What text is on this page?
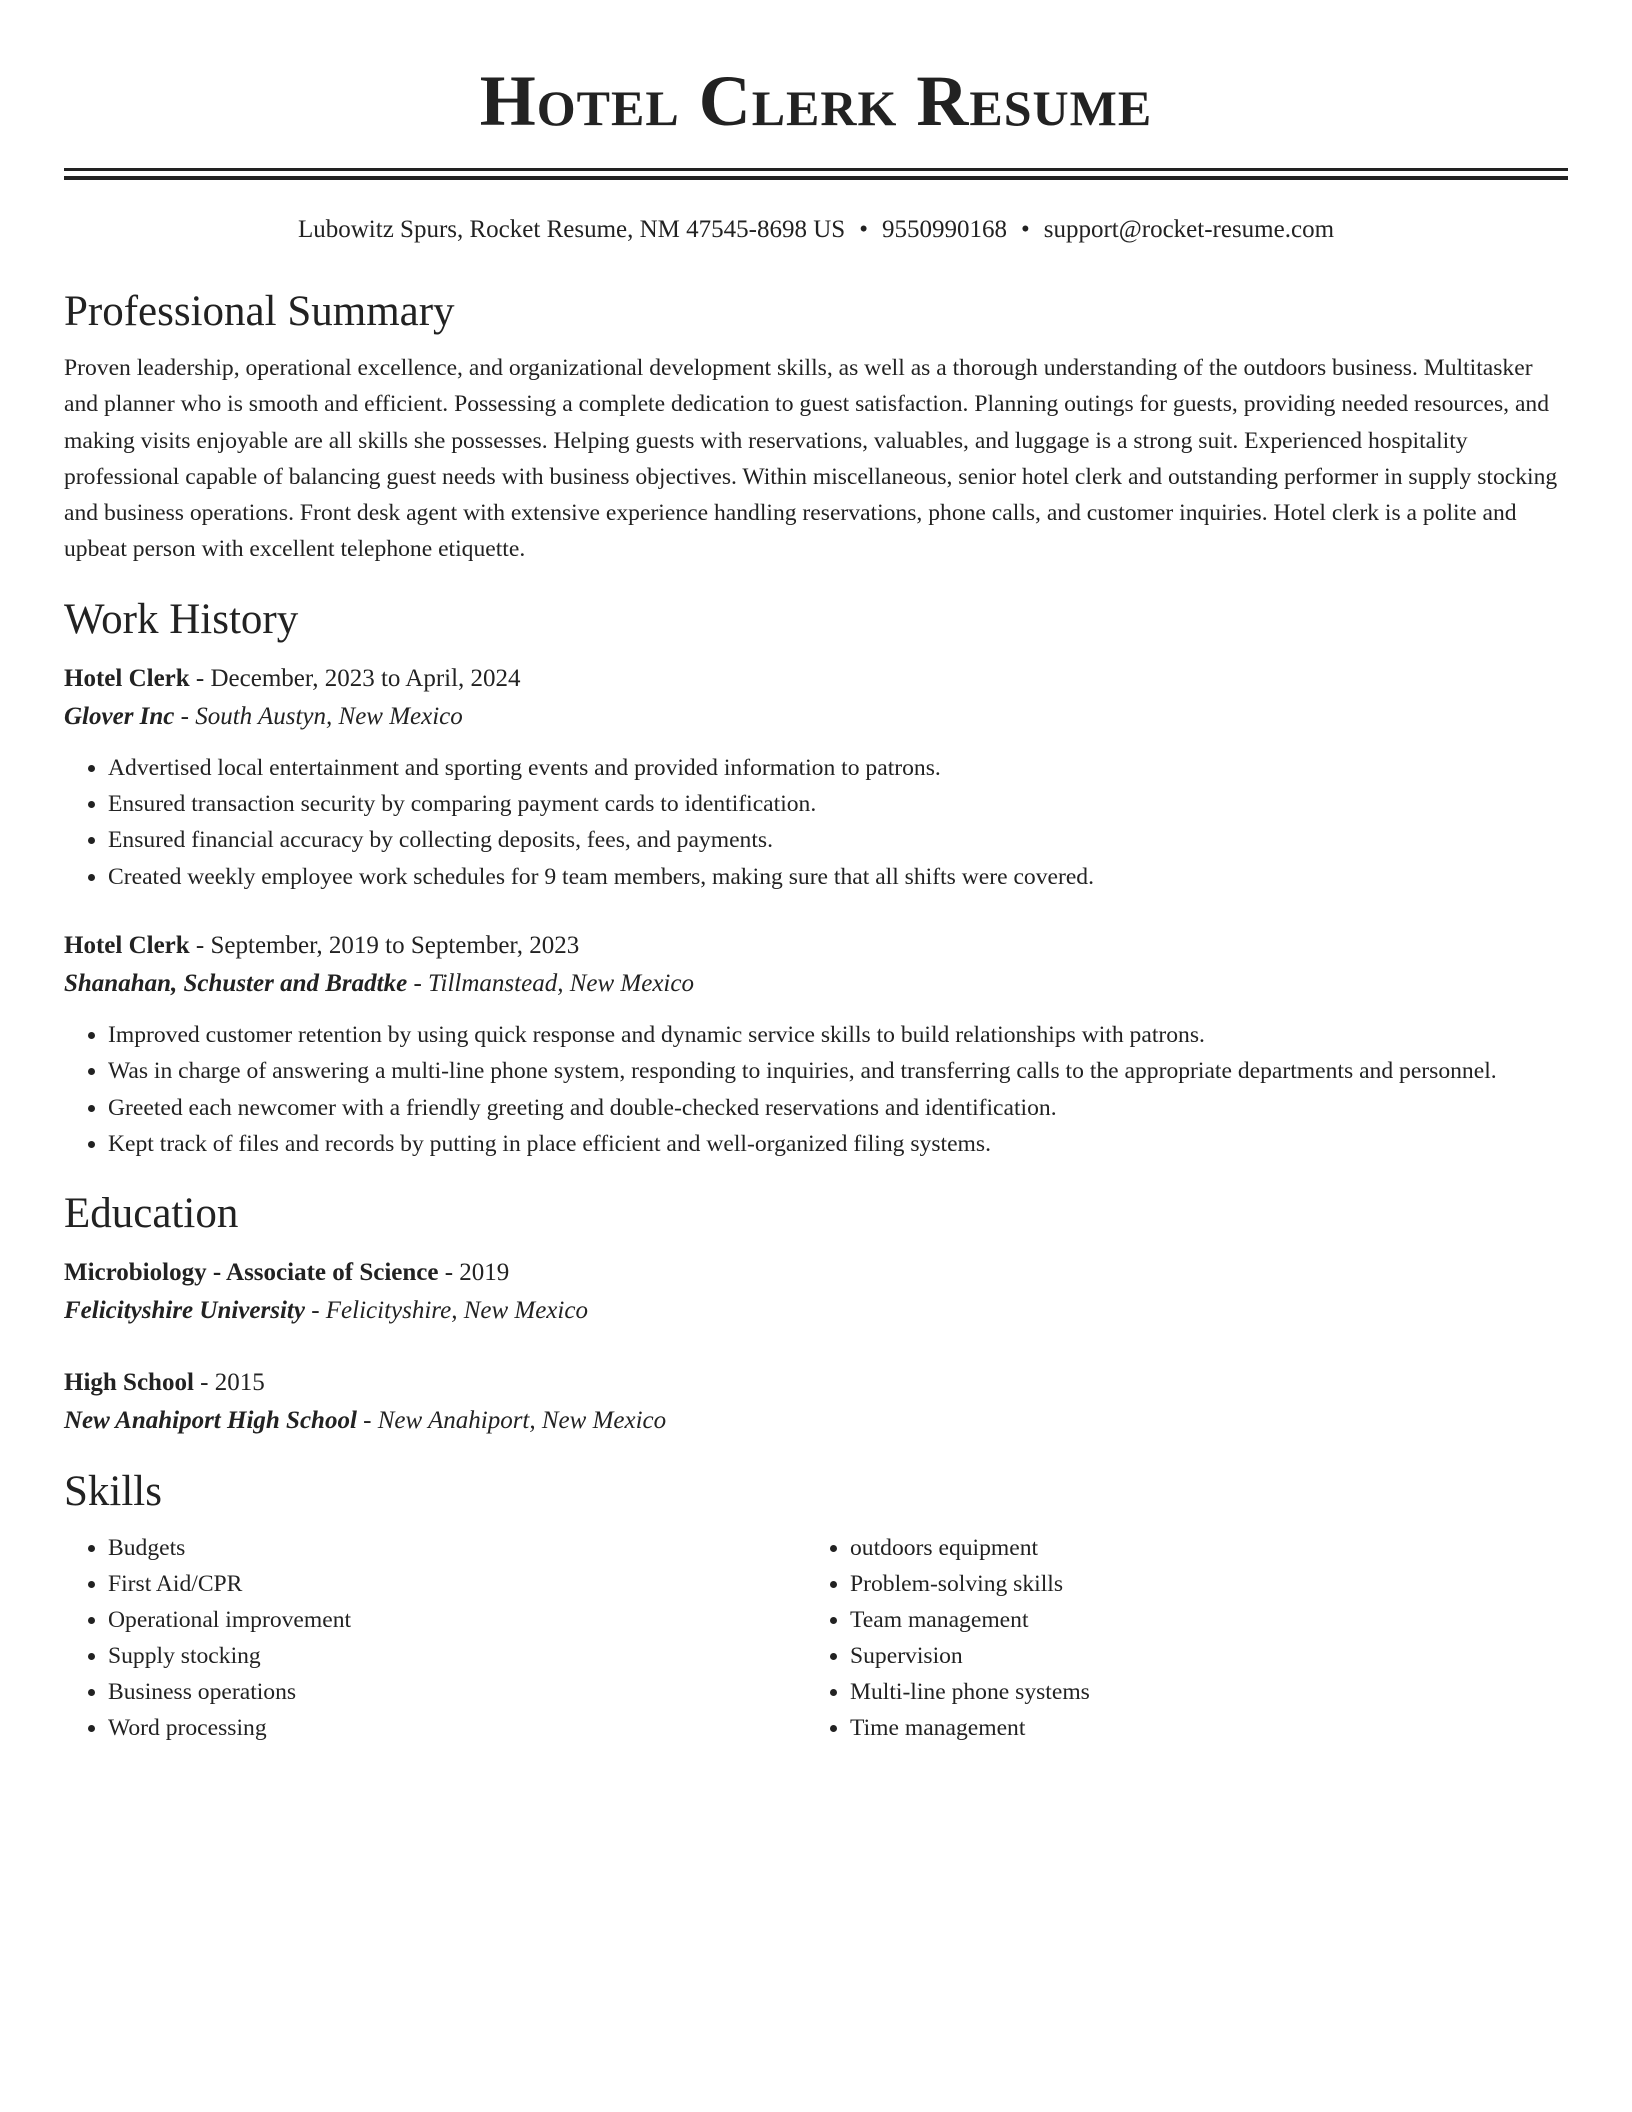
Hotel Clerk Resume
Lubowitz Spurs, Rocket Resume, NM 47545-8698 US • 9550990168 • support@rocket-resume.com
Professional Summary

Proven leadership, operational excellence, and organizational development skills, as well as a thorough understanding of the outdoors business. Multitasker and planner who is smooth and efficient. Possessing a complete dedication to guest satisfaction. Planning outings for guests, providing needed resources, and making visits enjoyable are all skills she possesses. Helping guests with reservations, valuables, and luggage is a strong suit. Experienced hospitality professional capable of balancing guest needs with business objectives. Within miscellaneous, senior hotel clerk and outstanding performer in supply stocking and business operations. Front desk agent with extensive experience handling reservations, phone calls, and customer inquiries. Hotel clerk is a polite and upbeat person with excellent telephone etiquette.

Work History
Hotel Clerk - December, 2023 to April, 2024
Glover Inc - South Austyn, New Mexico
• Advertised local entertainment and sporting events and provided information to patrons.
• Ensured transaction security by comparing payment cards to identification.
• Ensured financial accuracy by collecting deposits, fees, and payments.
• Created weekly employee work schedules for 9 team members, making sure that all shifts were covered.
Hotel Clerk - September, 2019 to September, 2023
Shanahan, Schuster and Bradtke - Tillmanstead, New Mexico
• Improved customer retention by using quick response and dynamic service skills to build relationships with patrons.
• Was in charge of answering a multi-line phone system, responding to inquiries, and transferring calls to the appropriate departments and personnel.
• Greeted each newcomer with a friendly greeting and double-checked reservations and identification.
• Kept track of files and records by putting in place efficient and well-organized filing systems.
Education
Microbiology - Associate of Science - 2019
Felicityshire University - Felicityshire, New Mexico
High School - 2015
New Anahiport High School - New Anahiport, New Mexico
Skills
• Budgets
• First Aid/CPR
• Operational improvement
• Supply stocking
• Business operations
• Word processing
• outdoors equipment
• Problem-solving skills
• Team management
• Supervision
• Multi-line phone systems
• Time management
